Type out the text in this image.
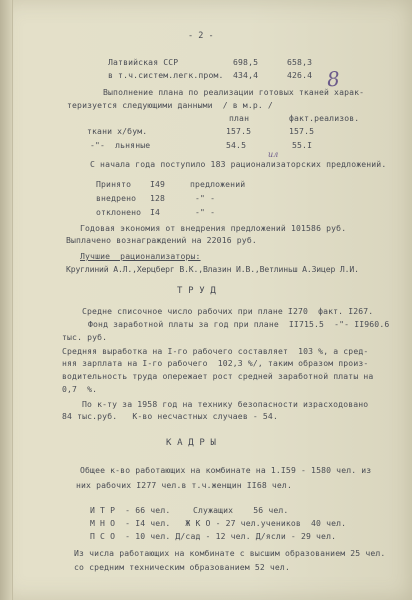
- 2 -
8
Латвийская ССР	698,5	658,3
в т.ч.систем.легк.пром. 434,4	426.4
Выполнение плана по реализации готовых тканей харак-
теризуется следующими данными  / в м.р. /
план	факт.реализов.
ткани х/бум.	157.5	157.5
-"-  льняные	54.5	55.I
ил
С начала года поступило 183 рационализаторских предложений.
Принято I49	предложений
внедрено 128	-" -
отклонено I4	-" -
Годовая экономия от внедрения предложений 101586 руб.
Выплачено вознаграждений на 22016 руб.
Лучшие  рационализаторы:
Круглиний А.Л.,Херцберг В.К.,Влазин И.В.,Ветлиньш А.Зицер Л.И.
Т Р У Д
Средне списочное число рабочих при плане I270  факт. I267.
Фонд заработной платы за год при плане  II715.5  -"- II960.6
тыс. руб.
Средняя выработка на I-го рабочего составляет  103 %, а сред-
няя зарплата на I-го рабочего  102,3 %/, таким образом произ-
водительность труда опережает рост средней заработной платы на
0,7  %.
По к-ту за 1958 год на технику безопасности израсходовано
84 тыс.руб.   К-во несчастных случаев - 54.
К А Д Р Ы
Общее к-во работающих на комбинате на 1.I59 - 1580 чел. из
них рабочих I277 чел.в т.ч.женщин II68 чел.
И Т Р  - 66 чел.	Служащих    56 чел.
М Н О  - I4 чел.   Ж К О - 27 чел.учеников  40 чел.
П С О  - 10 чел. Д/сад - 12 чел. Д/ясли - 29 чел.
Из числа работающих на комбинате с высшим образованием 25 чел.
со средним техническим образованием 52 чел.
